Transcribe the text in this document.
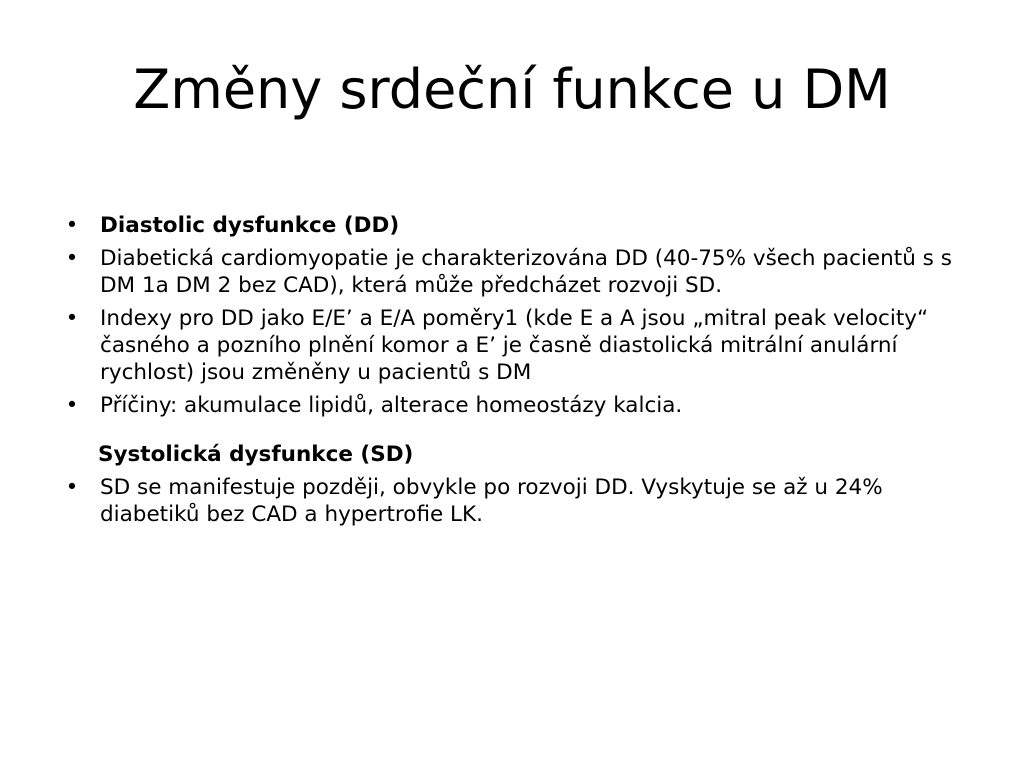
Změny srdeční funkce u DM
• Diastolic dysfunkce (DD)
• Diabetická cardiomyopatie je charakterizována DD (40-75% všech pacientů s s DM 1a DM 2 bez CAD), která může předcházet rozvoji SD.
• Indexy pro DD jako E/E’ a E/A poměry1 (kde E a A jsou „mitral peak velocity“ časného a pozního plnění komor a E’ je časně diastolická mitrální anulární rychlost) jsou změněny u pacientů s DM
• Příčiny: akumulace lipidů, alterace homeostázy kalcia.
Systolická dysfunkce (SD)
• SD se manifestuje později, obvykle po rozvoji DD. Vyskytuje se až u 24% diabetiků bez CAD a hypertrofie LK.
